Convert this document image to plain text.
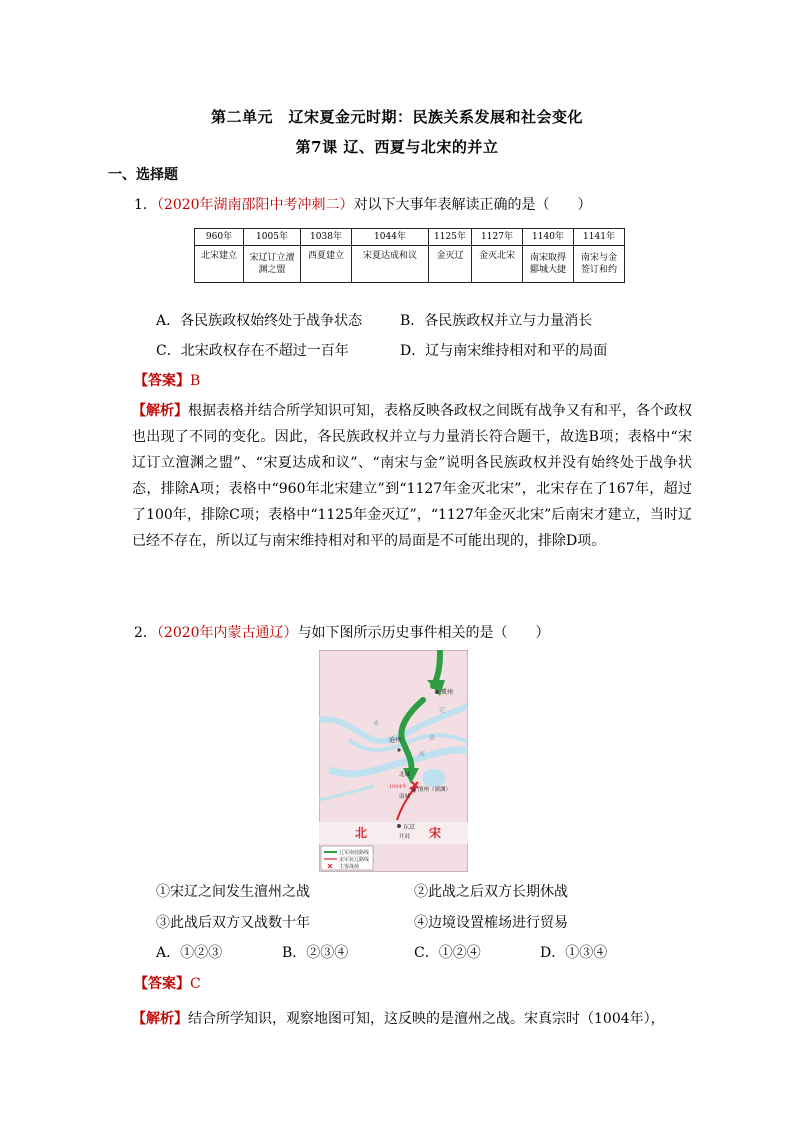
第二单元　辽宋夏金元时期：民族关系发展和社会变化
第7课 辽、西夏与北宋的并立
一、选择题
1．（2020年湖南邵阳中考冲刺二）对以下大事年表解读正确的是（　　）
960年	1005年	1038年	1044年	1125年	1127年	1140年	1141年
北宋建立	宋辽订立澶渊之盟	西夏建立	宋夏达成和议	金灭辽	金灭北宋	南宋取得郾城大捷	南宋与金签订和约
A．各民族政权始终处于战争状态	B．各民族政权并立与力量消长
C．北宋政权存在不超过一百年	D．辽与南宋维持相对和平的局面
【答案】B
【解析】根据表格并结合所学知识可知，表格反映各政权之间既有战争又有和平，各个政权也出现了不同的变化。因此，各民族政权并立与力量消长符合题干，故选B项；表格中“宋辽订立澶渊之盟”、“宋夏达成和议”、“南宋与金”说明各民族政权并没有始终处于战争状态，排除A项；表格中“960年北宋建立”到“1127年金灭北宋”，北宋存在了167年，超过了100年，排除C项；表格中“1125年金灭辽”，“1127年金灭北宋”后南宋才建立，当时辽已经不存在，所以辽与南宋维持相对和平的局面是不可能出现的，排除D项。
2．（2020年内蒙古通辽）与如下图所示历史事件相关的是（　　）
冀州
沧州
北城
南城
澶州（澶渊）
1004年
东京
开封
辽
黄
河
永
北	宋
辽军南侵路线
宋军抗辽路线
主要战场
①宋辽之间发生澶州之战	②此战之后双方长期休战
③此战后双方又战数十年	④边境设置榷场进行贸易
A．①②③	B．②③④	C．①②④	D．①③④
【答案】C
【解析】结合所学知识，观察地图可知，这反映的是澶州之战。宋真宗时（1004年），
